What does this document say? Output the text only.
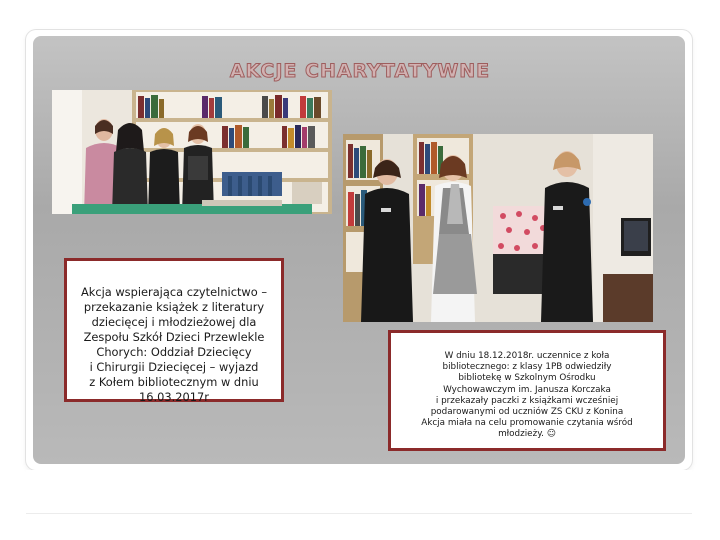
AKCJE CHARYTATYWNE
Akcja wspierająca czytelnictwo –
przekazanie książek z literatury
dziecięcej i młodzieżowej dla
Zespołu Szkół Dzieci Przewlekle
Chorych: Oddział Dziecięcy
i Chirurgii Dziecięcej – wyjazd
z Kołem bibliotecznym w dniu
16.03.2017r
W dniu 18.12.2018r. uczennice z koła
bibliotecznego: z klasy 1PB odwiedziły
bibliotekę w Szkolnym Ośrodku
Wychowawczym im. Janusza Korczaka
i przekazały paczki z książkami wcześniej
podarowanymi od uczniów ZS CKU z Konina
Akcja miała na celu promowanie czytania wśród
młodzieży. ☺
